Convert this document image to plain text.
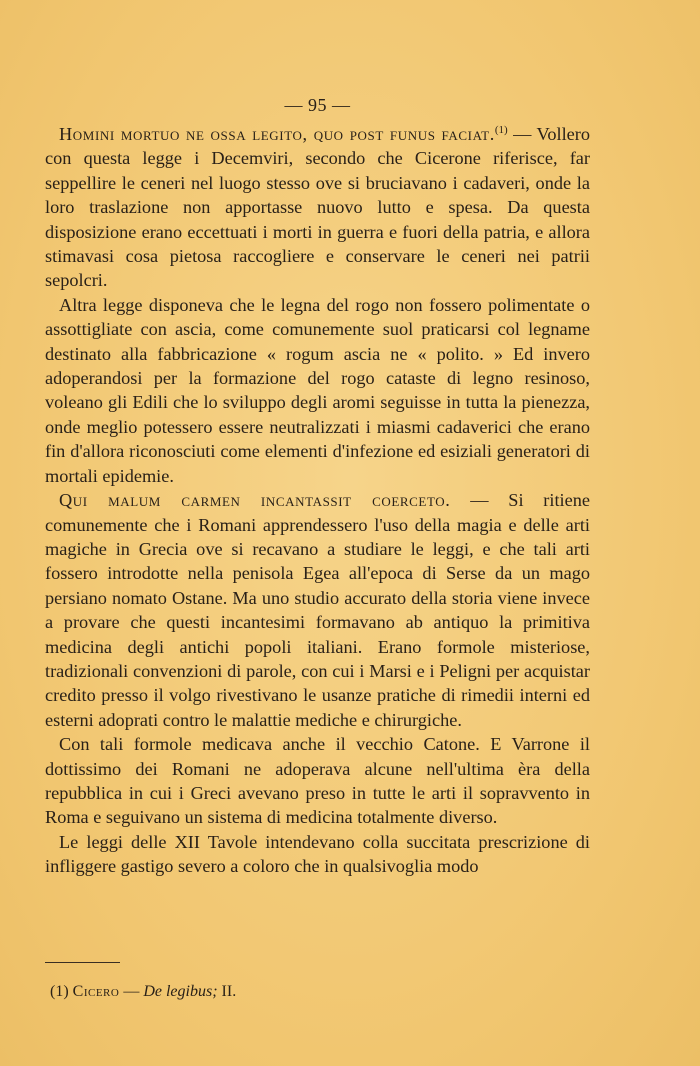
— 95 —

Homini mortuo ne ossa legito, quo post funus faciat.$^{(1)}$ — Vollero con questa legge i Decemviri, secondo che Cicerone riferisce, far seppellire le ceneri nel luogo stesso ove si bruciavano i cadaveri, onde la loro traslazione non apportasse nuovo lutto e spesa. Da questa disposizione erano eccettuati i morti in guerra e fuori della patria, e allora stimavasi cosa pietosa raccogliere e conservare le ceneri nei patrii sepolcri.

Altra legge disponeva che le legna del rogo non fossero polimentate o assottigliate con ascia, come comunemente suol praticarsi col legname destinato alla fabbricazione « rogum ascia ne « polito. » Ed invero adoperandosi per la formazione del rogo cataste di legno resinoso, voleano gli Edili che lo sviluppo degli aromi seguisse in tutta la pienezza, onde meglio potessero essere neutralizzati i miasmi cadaverici che erano fin d'allora riconosciuti come elementi d'infezione ed esiziali generatori di mortali epidemie.

Qui malum carmen incantassit coerceto. — Si ritiene comunemente che i Romani apprendessero l'uso della magia e delle arti magiche in Grecia ove si recavano a studiare le leggi, e che tali arti fossero introdotte nella penisola Egea all'epoca di Serse da un mago persiano nomato Ostane. Ma uno studio accurato della storia viene invece a provare che questi incantesimi formavano ab antiquo la primitiva medicina degli antichi popoli italiani. Erano formole misteriose, tradizionali convenzioni di parole, con cui i Marsi e i Peligni per acquistar credito presso il volgo rivestivano le usanze pratiche di rimedii interni ed esterni adoprati contro le malattie mediche e chirurgiche.

Con tali formole medicava anche il vecchio Catone. E Varrone il dottissimo dei Romani ne adoperava alcune nell'ultima èra della repubblica in cui i Greci avevano preso in tutte le arti il sopravvento in Roma e seguivano un sistema di medicina totalmente diverso.

Le leggi delle XII Tavole intendevano colla succitata prescrizione di infliggere gastigo severo a coloro che in qualsivoglia modo

(1) Cicero — De legibus; II.
